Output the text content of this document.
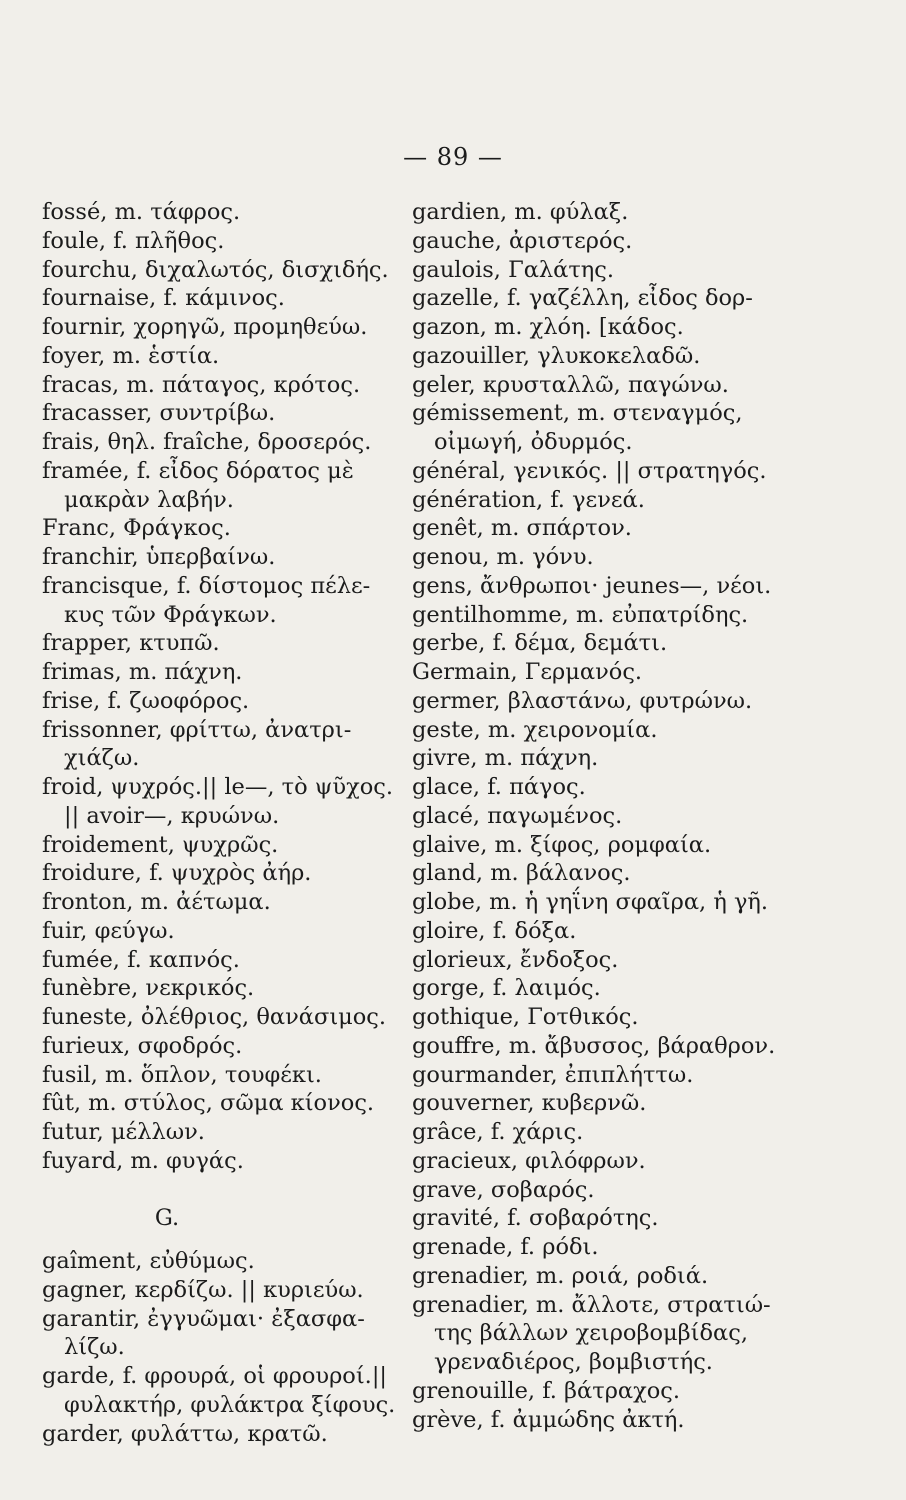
— 89 —
fossé, m. τάφρος.
foule, f. πλῆθος.
fourchu, διχαλωτός, δισχιδής.
fournaise, f. κάμινος.
fournir, χορηγῶ, προμηθεύω.
foyer, m. ἑστία.
fracas, m. πάταγος, κρότος.
fracasser, συντρίβω.
frais, θηλ. fraîche, δροσερός.
framée, f. εἶδος δόρατος μὲ
μακρὰν λαβήν.
Franc, Φράγκος.
franchir, ὑπερβαίνω.
francisque, f. δίστομος πέλε-
κυς τῶν Φράγκων.
frapper, κτυπῶ.
frimas, m. πάχνη.
frise, f. ζωοφόρος.
frissonner, φρίττω, ἀνατρι-
χιάζω.
froid, ψυχρός.|| le—, τὸ ψῦχος.
|| avoir—, κρυώνω.
froidement, ψυχρῶς.
froidure, f. ψυχρὸς ἀήρ.
fronton, m. ἀέτωμα.
fuir, φεύγω.
fumée, f. καπνός.
funèbre, νεκρικός.
funeste, ὀλέθριος, θανάσιμος.
furieux, σφοδρός.
fusil, m. ὅπλον, τουφέκι.
fût, m. στύλος, σῶμα κίονος.
futur, μέλλων.
fuyard, m. φυγάς.
G.
gaîment, εὐθύμως.
gagner, κερδίζω. || κυριεύω.
garantir, ἐγγυῶμαι· ἐξασφα-
λίζω.
garde, f. φρουρά, οἱ φρουροί.||
φυλακτήρ, φυλάκτρα ξίφους.
garder, φυλάττω, κρατῶ.
gardien, m. φύλαξ.
gauche, ἀριστερός.
gaulois, Γαλάτης.
gazelle, f. γαζέλλη, εἶδος δορ-
gazon, m. χλόη. [κάδος.
gazouiller, γλυκοκελαδῶ.
geler, κρυσταλλῶ, παγώνω.
gémissement, m. στεναγμός,
οἰμωγή, ὀδυρμός.
général, γενικός. || στρατηγός.
génération, f. γενεά.
genêt, m. σπάρτον.
genou, m. γόνυ.
gens, ἄνθρωποι· jeunes—, νέοι.
gentilhomme, m. εὐπατρίδης.
gerbe, f. δέμα, δεμάτι.
Germain, Γερμανός.
germer, βλαστάνω, φυτρώνω.
geste, m. χειρονομία.
givre, m. πάχνη.
glace, f. πάγος.
glacé, παγωμένος.
glaive, m. ξίφος, ρομφαία.
gland, m. βάλανος.
globe, m. ἡ γηΐνη σφαῖρα, ἡ γῆ.
gloire, f. δόξα.
glorieux, ἔνδοξος.
gorge, f. λαιμός.
gothique, Γοτθικός.
gouffre, m. ἄβυσσος, βάραθρον.
gourmander, ἐπιπλήττω.
gouverner, κυβερνῶ.
grâce, f. χάρις.
gracieux, φιλόφρων.
grave, σοβαρός.
gravité, f. σοβαρότης.
grenade, f. ρόδι.
grenadier, m. ροιά, ροδιά.
grenadier, m. ἄλλοτε, στρατιώ-
της βάλλων χειροβομβίδας,
γρεναδιέρος, βομβιστής.
grenouille, f. βάτραχος.
grève, f. ἀμμώδης ἀκτή.
